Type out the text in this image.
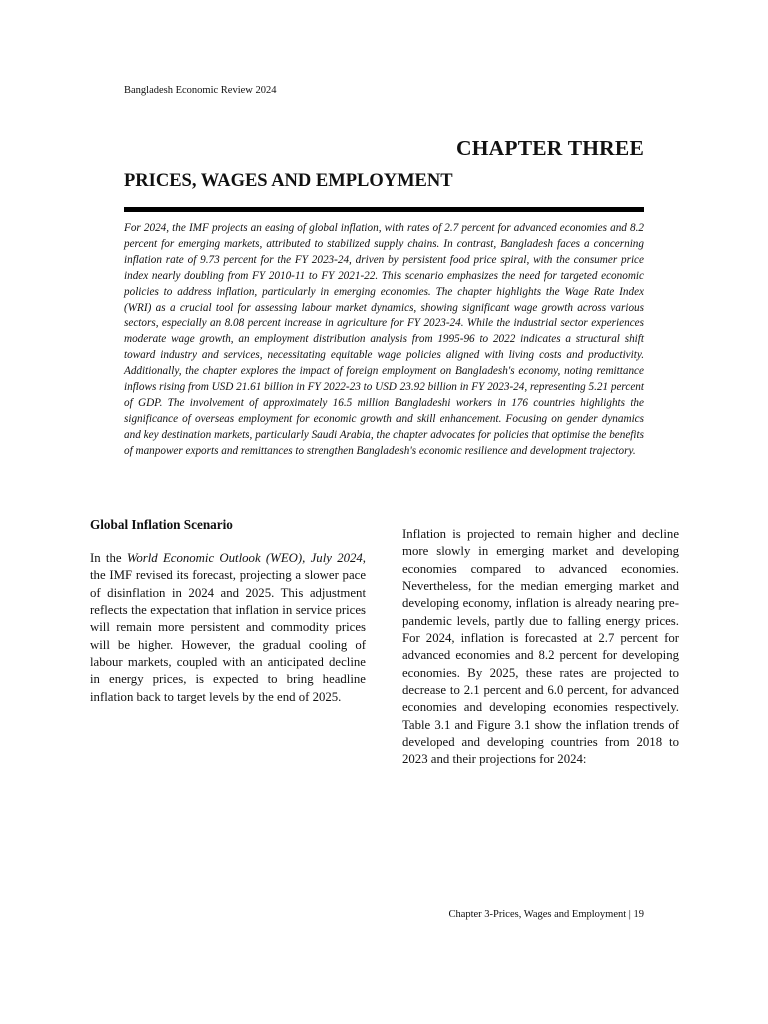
Bangladesh Economic Review 2024
CHAPTER THREE
PRICES, WAGES AND EMPLOYMENT

For 2024, the IMF projects an easing of global inflation, with rates of 2.7 percent for advanced economies and 8.2 percent for emerging markets, attributed to stabilized supply chains. In contrast, Bangladesh faces a concerning inflation rate of 9.73 percent for the FY 2023-24, driven by persistent food price spiral, with the consumer price index nearly doubling from FY 2010-11 to FY 2021-22. This scenario emphasizes the need for targeted economic policies to address inflation, particularly in emerging economies. The chapter highlights the Wage Rate Index (WRI) as a crucial tool for assessing labour market dynamics, showing significant wage growth across various sectors, especially an 8.08 percent increase in agriculture for FY 2023-24. While the industrial sector experiences moderate wage growth, an employment distribution analysis from 1995-96 to 2022 indicates a structural shift toward industry and services, necessitating equitable wage policies aligned with living costs and productivity. Additionally, the chapter explores the impact of foreign employment on Bangladesh's economy, noting remittance inflows rising from USD 21.61 billion in FY 2022-23 to USD 23.92 billion in FY 2023-24, representing 5.21 percent of GDP. The involvement of approximately 16.5 million Bangladeshi workers in 176 countries highlights the significance of overseas employment for economic growth and skill enhancement. Focusing on gender dynamics and key destination markets, particularly Saudi Arabia, the chapter advocates for policies that optimise the benefits of manpower exports and remittances to strengthen Bangladesh's economic resilience and development trajectory.

Global Inflation Scenario

In the World Economic Outlook (WEO), July 2024, the IMF revised its forecast, projecting a slower pace of disinflation in 2024 and 2025. This adjustment reflects the expectation that inflation in service prices will remain more persistent and commodity prices will be higher. However, the gradual cooling of labour markets, coupled with an anticipated decline in energy prices, is expected to bring headline inflation back to target levels by the end of 2025.

Inflation is projected to remain higher and decline more slowly in emerging market and developing economies compared to advanced economies. Nevertheless, for the median emerging market and developing economy, inflation is already nearing pre-pandemic levels, partly due to falling energy prices. For 2024, inflation is forecasted at 2.7 percent for advanced economies and 8.2 percent for developing economies. By 2025, these rates are projected to decrease to 2.1 percent and 6.0 percent, for advanced economies and developing economies respectively. Table 3.1 and Figure 3.1 show the inflation trends of developed and developing countries from 2018 to 2023 and their projections for 2024:

Chapter 3-Prices, Wages and Employment | 19
